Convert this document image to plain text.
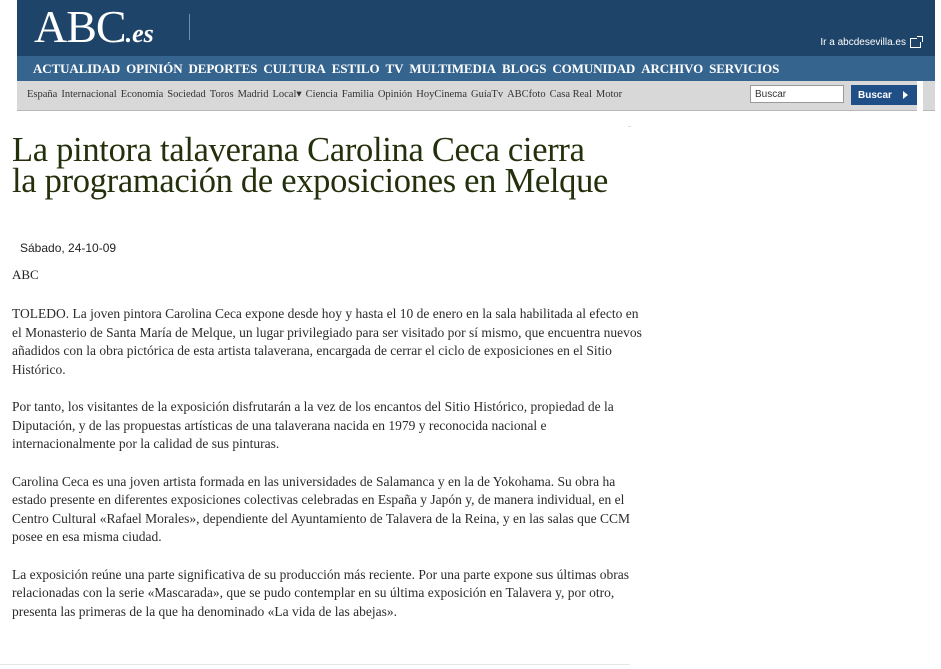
ABC.es	Ir a abcdesevilla.es
ACTUALIDAD OPINIÓN DEPORTES CULTURA ESTILO TV MULTIMEDIA BLOGS COMUNIDAD ARCHIVO SERVICIOS
España Internacional Economía Sociedad Toros Madrid Local▾ Ciencia Familia Opinión HoyCinema GuíaTv ABCfoto Casa Real Motor
Buscar	Buscar
La pintora talaverana Carolina Ceca cierra la programación de exposiciones en Melque
Sábado, 24-10-09
ABC

TOLEDO. La joven pintora Carolina Ceca expone desde hoy y hasta el 10 de enero en la sala habilitada al efecto en el Monasterio de Santa María de Melque, un lugar privilegiado para ser visitado por sí mismo, que encuentra nuevos añadidos con la obra pictórica de esta artista talaverana, encargada de cerrar el ciclo de exposiciones en el Sitio Histórico.

Por tanto, los visitantes de la exposición disfrutarán a la vez de los encantos del Sitio Histórico, propiedad de la Diputación, y de las propuestas artísticas de una talaverana nacida en 1979 y reconocida nacional e internacionalmente por la calidad de sus pinturas.

Carolina Ceca es una joven artista formada en las universidades de Salamanca y en la de Yokohama. Su obra ha estado presente en diferentes exposiciones colectivas celebradas en España y Japón y, de manera individual, en el Centro Cultural «Rafael Morales», dependiente del Ayuntamiento de Talavera de la Reina, y en las salas que CCM posee en esa misma ciudad.

La exposición reúne una parte significativa de su producción más reciente. Por una parte expone sus últimas obras relacionadas con la serie «Mascarada», que se pudo contemplar en su última exposición en Talavera y, por otro, presenta las primeras de la que ha denominado «La vida de las abejas».
